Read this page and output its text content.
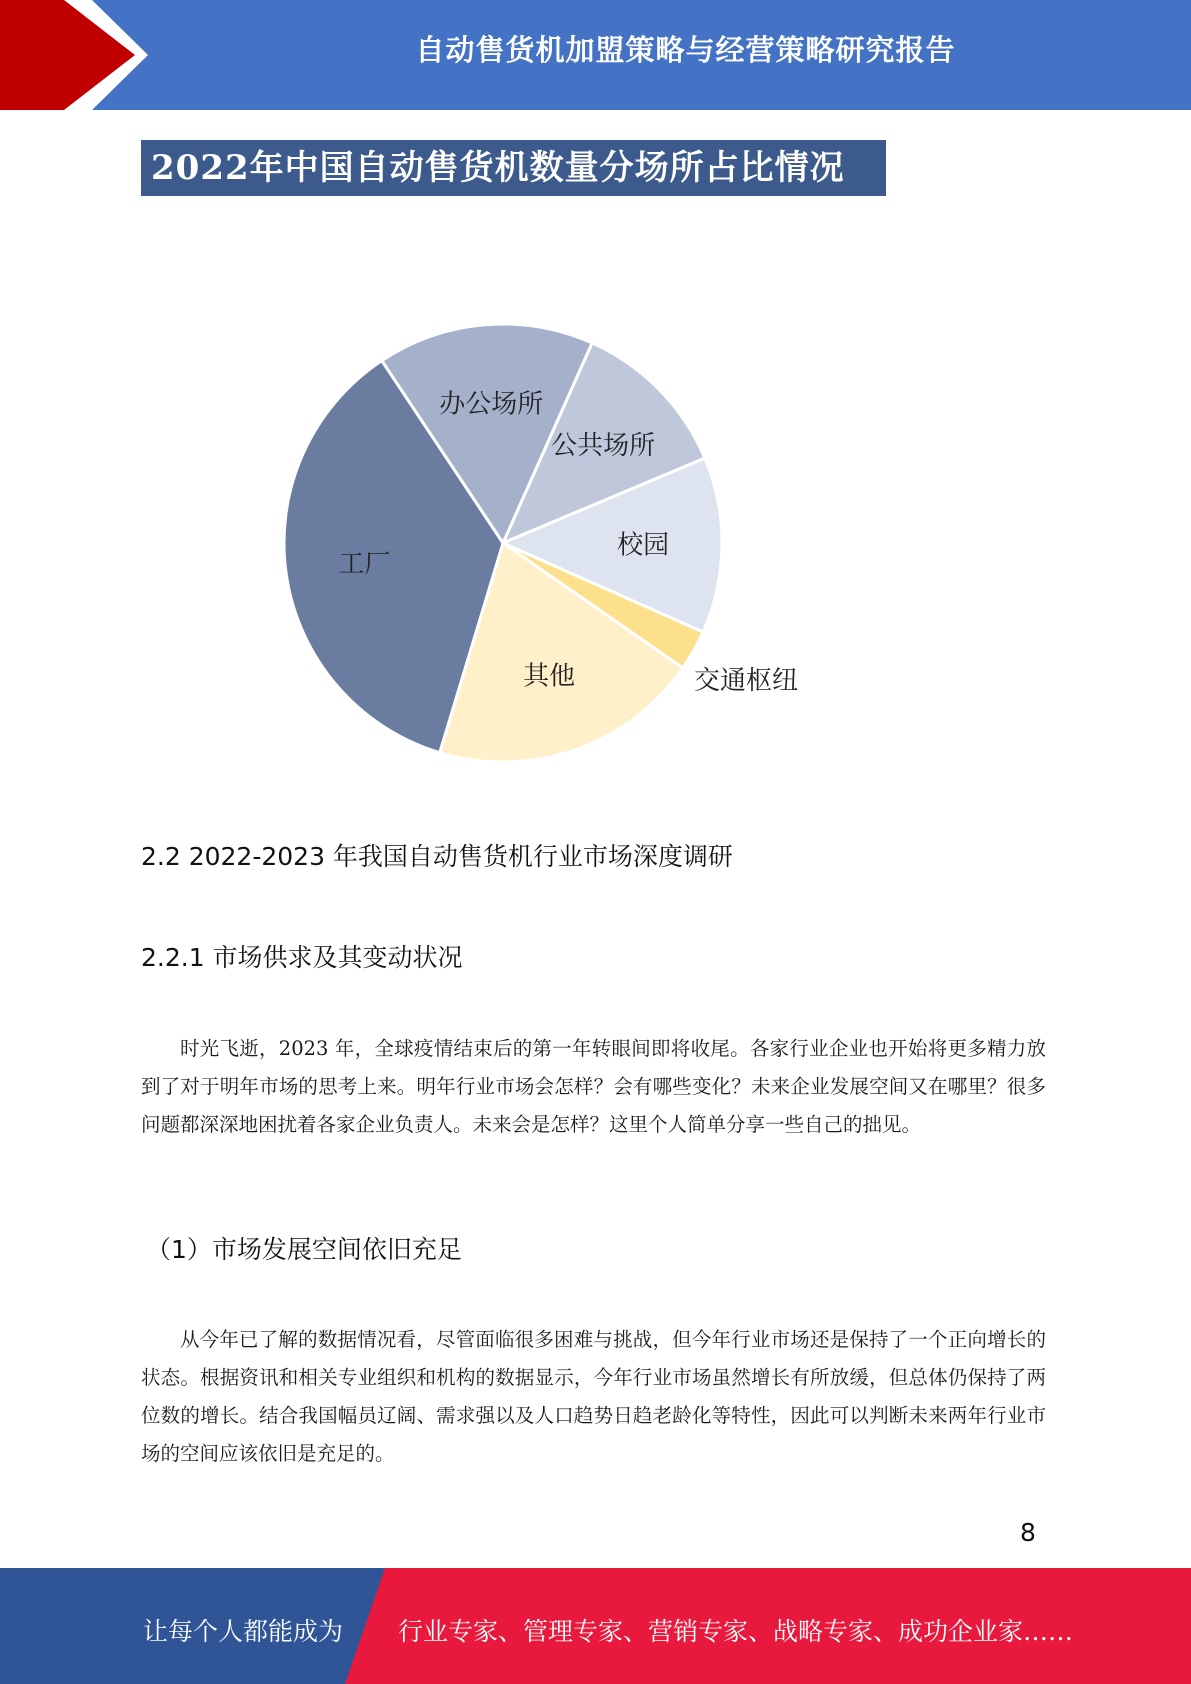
自动售货机加盟策略与经营策略研究报告
2022年中国自动售货机数量分场所占比情况
公共场所
校园
交通枢纽
其他
工厂
办公场所
2.2 2022-2023 年我国自动售货机行业市场深度调研
2.2.1 市场供求及其变动状况
时光飞逝，2023 年，全球疫情结束后的第一年转眼间即将收尾。各家行业企业也开始将更多精力放到了对于明年市场的思考上来。明年行业市场会怎样？会有哪些变化？未来企业发展空间又在哪里？很多问题都深深地困扰着各家企业负责人。未来会是怎样？这里个人简单分享一些自己的拙见。
（1）市场发展空间依旧充足
从今年已了解的数据情况看，尽管面临很多困难与挑战，但今年行业市场还是保持了一个正向增长的状态。根据资讯和相关专业组织和机构的数据显示，今年行业市场虽然增长有所放缓，但总体仍保持了两位数的增长。结合我国幅员辽阔、需求强以及人口趋势日趋老龄化等特性，因此可以判断未来两年行业市场的空间应该依旧是充足的。
8
让每个人都能成为 行业专家、管理专家、营销专家、战略专家、成功企业家……
